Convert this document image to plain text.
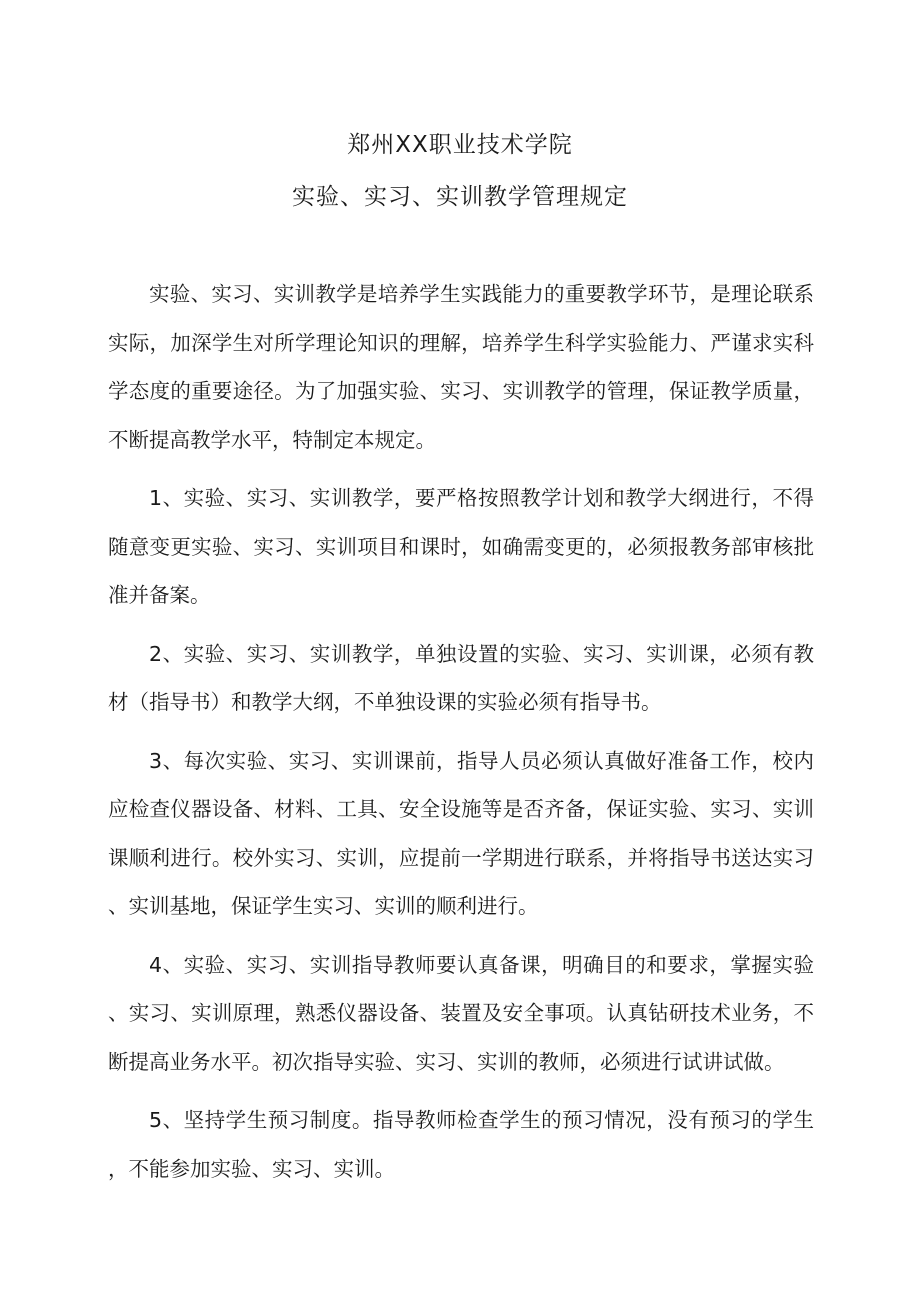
郑州XX职业技术学院
实验、实习、实训教学管理规定

实验、实习、实训教学是培养学生实践能力的重要教学环节，是理论联系实际，加深学生对所学理论知识的理解，培养学生科学实验能力、严谨求实科学态度的重要途径。为了加强实验、实习、实训教学的管理，保证教学质量，不断提高教学水平，特制定本规定。

1、实验、实习、实训教学，要严格按照教学计划和教学大纲进行，不得随意变更实验、实习、实训项目和课时，如确需变更的，必须报教务部审核批准并备案。

2、实验、实习、实训教学，单独设置的实验、实习、实训课，必须有教材（指导书）和教学大纲，不单独设课的实验必须有指导书。

3、每次实验、实习、实训课前，指导人员必须认真做好准备工作，校内应检查仪器设备、材料、工具、安全设施等是否齐备，保证实验、实习、实训课顺利进行。校外实习、实训，应提前一学期进行联系，并将指导书送达实习、实训基地，保证学生实习、实训的顺利进行。

4、实验、实习、实训指导教师要认真备课，明确目的和要求，掌握实验、实习、实训原理，熟悉仪器设备、装置及安全事项。认真钻研技术业务，不断提高业务水平。初次指导实验、实习、实训的教师，必须进行试讲试做。

5、坚持学生预习制度。指导教师检查学生的预习情况，没有预习的学生，不能参加实验、实习、实训。
